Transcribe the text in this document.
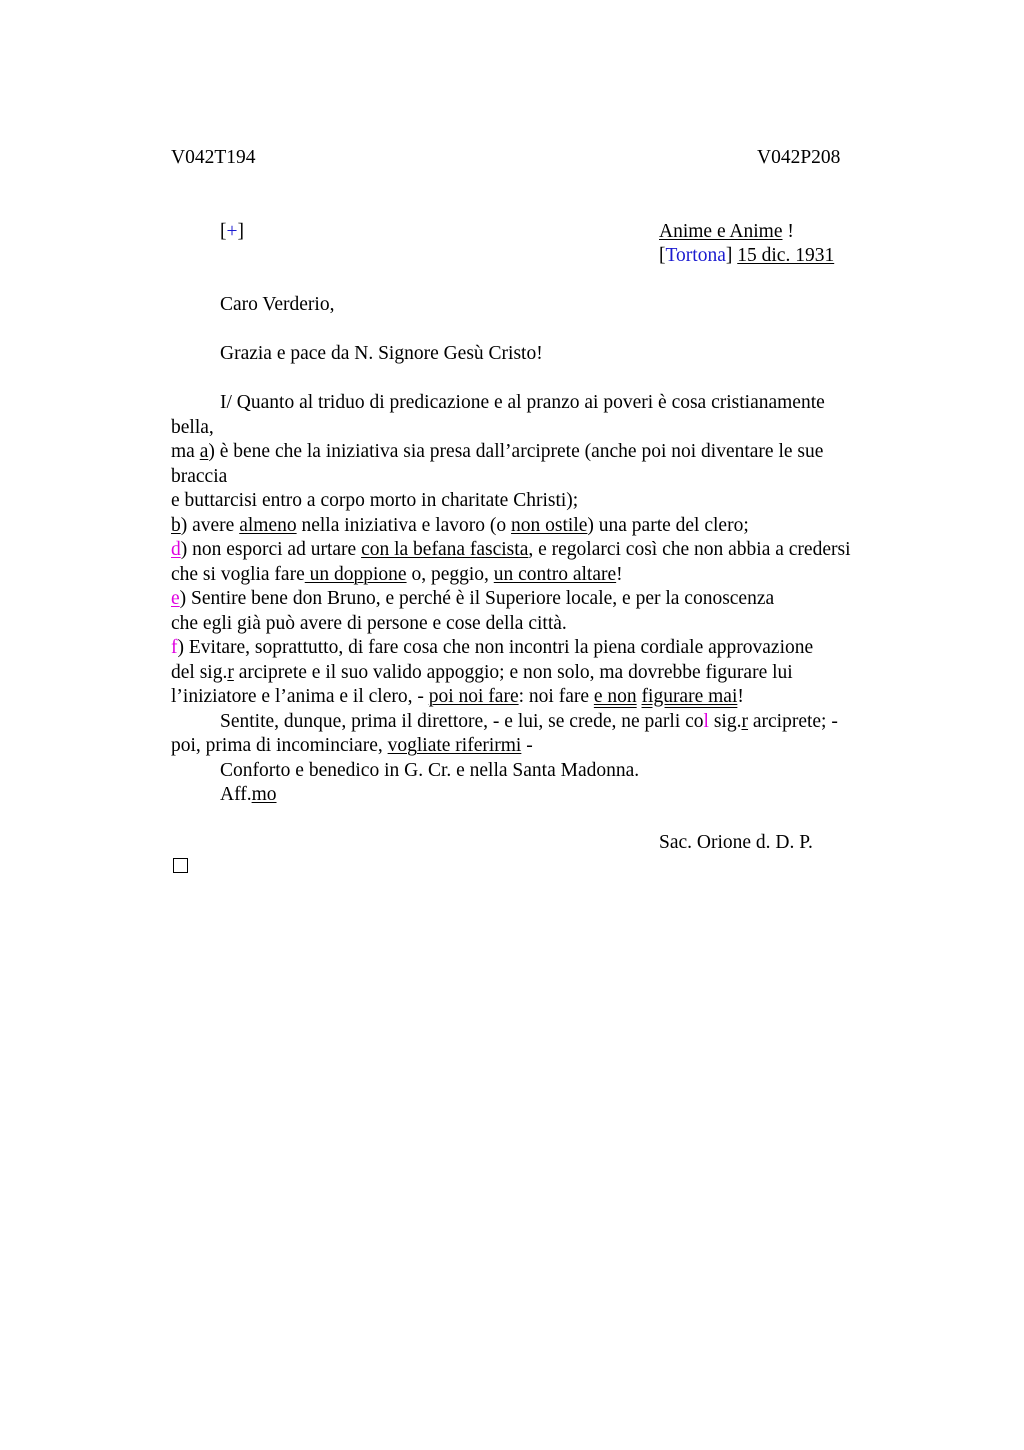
V042T194	V042P208
[+]	Anime e Anime !
[Tortona] 15 dic. 1931
Caro Verderio,
Grazia e pace da N. Signore Gesù Cristo!
I/ Quanto al triduo di predicazione e al pranzo ai poveri è cosa cristianamente
bella,
ma a) è bene che la iniziativa sia presa dall’arciprete (anche poi noi diventare le sue
braccia
e buttarcisi entro a corpo morto in charitate Christi);
b) avere almeno nella iniziativa e lavoro (o non ostile) una parte del clero;
d) non esporci ad urtare con la befana fascista, e regolarci così che non abbia a credersi
che si voglia fare un doppione o, peggio, un contro altare!
e) Sentire bene don Bruno, e perché è il Superiore locale, e per la conoscenza
che egli già può avere di persone e cose della città.
f) Evitare, soprattutto, di fare cosa che non incontri la piena cordiale approvazione
del sig.r arciprete e il suo valido appoggio; e non solo, ma dovrebbe figurare lui
l’iniziatore e l’anima e il clero, - poi noi fare: noi fare e non figurare mai!
Sentite, dunque, prima il direttore, - e lui, se crede, ne parli col sig.r arciprete; -
poi, prima di incominciare, vogliate riferirmi -
Conforto e benedico in G. Cr. e nella Santa Madonna.
Aff.mo
Sac. Orione d. D. P.
